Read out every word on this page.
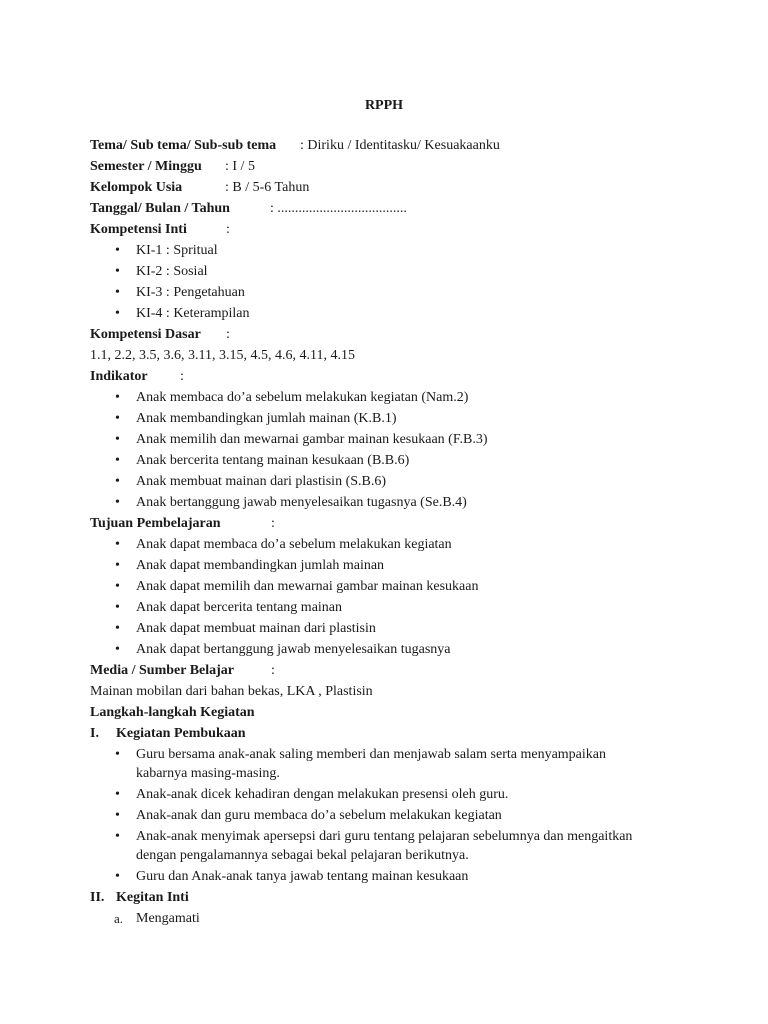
RPPH
Tema/ Sub tema/ Sub-sub tema	: Diriku / Identitasku/ Kesuakaanku
Semester / Minggu	: I / 5
Kelompok Usia	: B / 5-6 Tahun
Tanggal/ Bulan / Tahun	: .....................................
Kompetensi Inti	:
• KI-1 : Spritual
• KI-2 : Sosial
• KI-3 : Pengetahuan
• KI-4 : Keterampilan
Kompetensi Dasar	:
1.1, 2.2, 3.5, 3.6, 3.11, 3.15, 4.5, 4.6, 4.11, 4.15
Indikator	:
• Anak membaca do’a sebelum melakukan kegiatan (Nam.2)
• Anak membandingkan jumlah mainan (K.B.1)
• Anak memilih dan mewarnai gambar mainan kesukaan (F.B.3)
• Anak bercerita tentang mainan kesukaan (B.B.6)
• Anak membuat mainan dari plastisin (S.B.6)
• Anak bertanggung jawab menyelesaikan tugasnya (Se.B.4)
Tujuan Pembelajaran	:
• Anak dapat membaca do’a sebelum melakukan kegiatan
• Anak dapat membandingkan jumlah mainan
• Anak dapat memilih dan mewarnai gambar mainan kesukaan
• Anak dapat bercerita tentang mainan
• Anak dapat membuat mainan dari plastisin
• Anak dapat bertanggung jawab menyelesaikan tugasnya
Media / Sumber Belajar	:
Mainan mobilan dari bahan bekas, LKA , Plastisin
Langkah-langkah Kegiatan
I. Kegiatan Pembukaan
• Guru bersama anak-anak saling memberi dan menjawab salam serta menyampaikan kabarnya masing-masing.
• Anak-anak dicek kehadiran dengan melakukan presensi oleh guru.
• Anak-anak dan guru membaca do’a sebelum melakukan kegiatan
• Anak-anak menyimak apersepsi dari guru tentang pelajaran sebelumnya dan mengaitkan dengan pengalamannya sebagai bekal pelajaran berikutnya.
• Guru dan Anak-anak tanya jawab tentang mainan kesukaan
II. Kegitan Inti
a. Mengamati
